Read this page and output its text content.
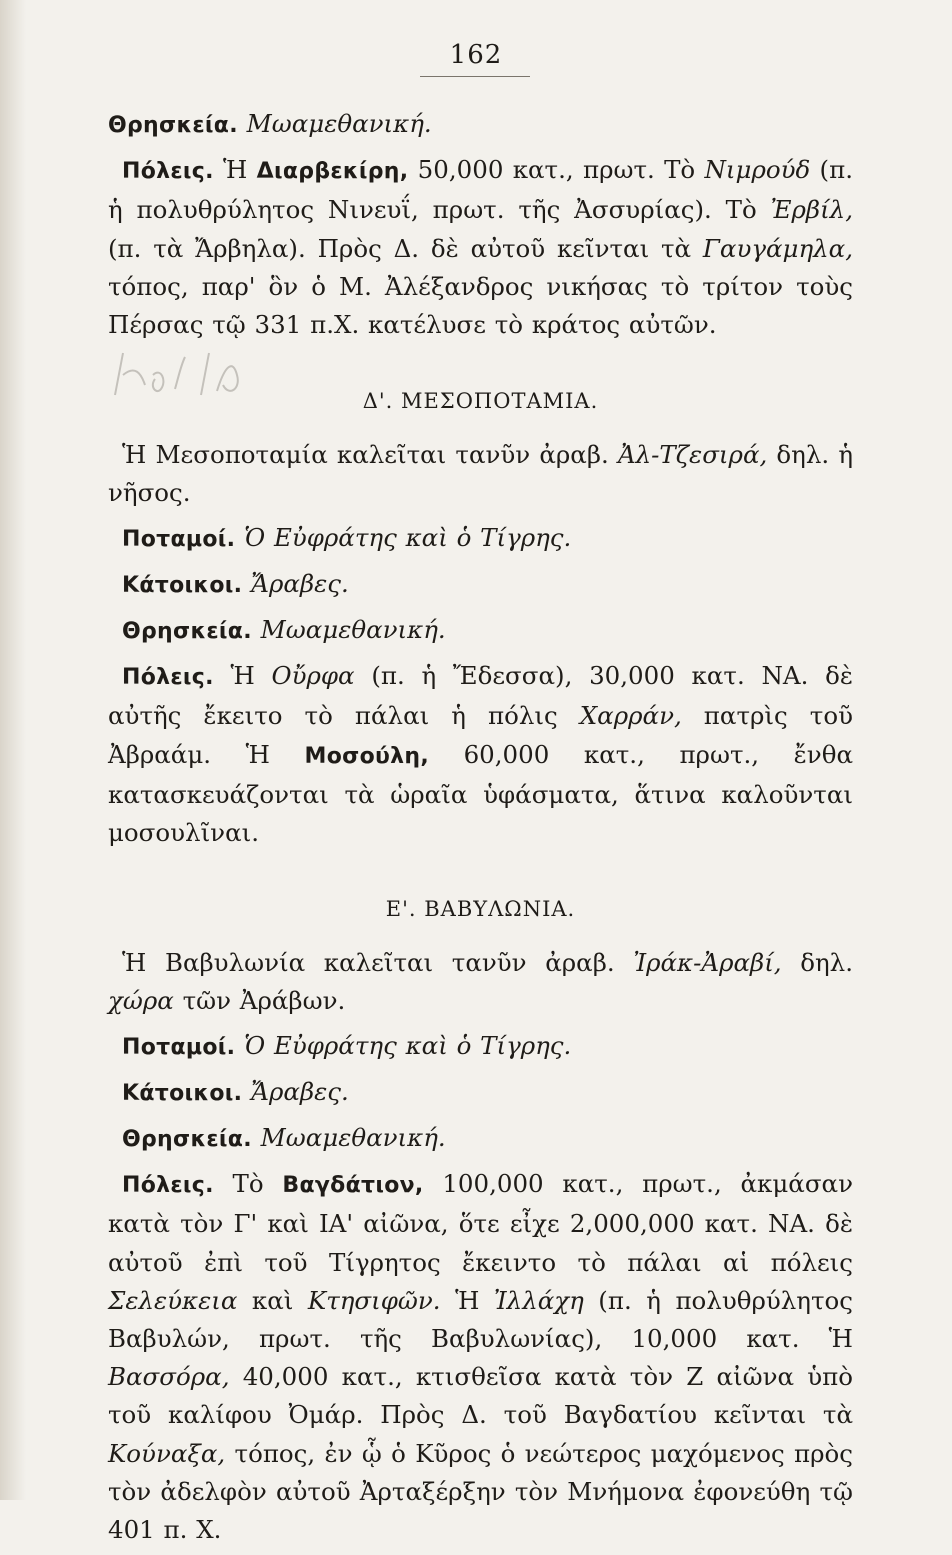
162

Θρησκεία. Μωαμεθανική.

Πόλεις. Ἡ Διαρβεκίρη, 50,000 κατ., πρωτ. Τὸ Νιμρούδ (π. ἡ πολυθρύλητος Νινευΐ, πρωτ. τῆς Ἀσσυρίας). Τὸ Ἐρβίλ, (π. τὰ Ἄρβηλα). Πρὸς Δ. δὲ αὐτοῦ κεῖνται τὰ Γαυγάμηλα, τόπος, παρ' ὃν ὁ Μ. Ἀλέξανδρος νικήσας τὸ τρίτον τοὺς Πέρσας τῷ 331 π.Χ. κατέλυσε τὸ κράτος αὐτῶν.

Δ'. ΜΕΣΟΠΟΤΑΜΙΑ.

Ἡ Μεσοποταμία καλεῖται τανῦν ἀραβ. Ἀλ-Τζεσιρά, δηλ. ἡ νῆσος.

Ποταμοί. Ὁ Εὐφράτης καὶ ὁ Τίγρης.

Κάτοικοι. Ἄραβες.

Θρησκεία. Μωαμεθανική.

Πόλεις. Ἡ Οὔρφα (π. ἡ Ἔδεσσα), 30,000 κατ. ΝΑ. δὲ αὐτῆς ἔκειτο τὸ πάλαι ἡ πόλις Χαρράν, πατρὶς τοῦ Ἀβραάμ. Ἡ Μοσούλη, 60,000 κατ., πρωτ., ἔνθα κατασκευάζονται τὰ ὡραῖα ὑφάσματα, ἅτινα καλοῦνται μοσουλῖναι.

Ε'. ΒΑΒΥΛΩΝΙΑ.

Ἡ Βαβυλωνία καλεῖται τανῦν ἀραβ. Ἰράκ-Ἀραβί, δηλ. χώρα τῶν Ἀράβων.

Ποταμοί. Ὁ Εὐφράτης καὶ ὁ Τίγρης.

Κάτοικοι. Ἄραβες.

Θρησκεία. Μωαμεθανική.

Πόλεις. Τὸ Βαγδάτιον, 100,000 κατ., πρωτ., ἀκμάσαν κατὰ τὸν Γ' καὶ ΙΑ' αἰῶνα, ὅτε εἶχε 2,000,000 κατ. ΝΑ. δὲ αὐτοῦ ἐπὶ τοῦ Τίγρητος ἔκειντο τὸ πάλαι αἱ πόλεις Σελεύκεια καὶ Κτησιφῶν. Ἡ Ἰλλάχη (π. ἡ πολυθρύλητος Βαβυλών, πρωτ. τῆς Βαβυλωνίας), 10,000 κατ. Ἡ Βασσόρα, 40,000 κατ., κτισθεῖσα κατὰ τὸν Ζ αἰῶνα ὑπὸ τοῦ καλίφου Ὀμάρ. Πρὸς Δ. τοῦ Βαγδατίου κεῖνται τὰ Κούναξα, τόπος, ἐν ᾧ ὁ Κῦρος ὁ νεώτερος μαχόμενος πρὸς τὸν ἀδελφὸν αὐτοῦ Ἀρταξέρξην τὸν Μνήμονα ἐφονεύθη τῷ 401 π. Χ.
